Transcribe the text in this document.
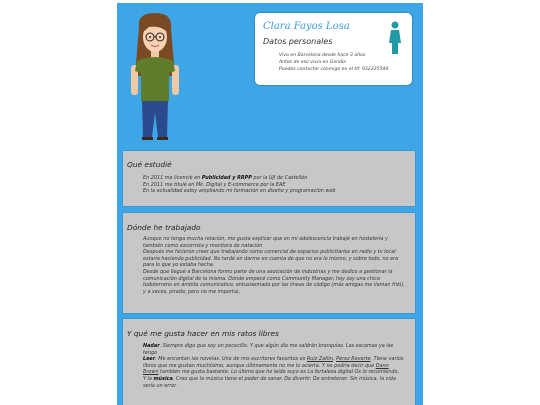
Clara Fayos Losa
Datos personales
Vivo en Barcelona desde hace 3 años
Antes de eso vivía en Gandía
Puedes contactar conmigo en el tlf. 932225544
Qué estudié

En 2011 me licencié en Publicidad y RRPP por la UJI de Castellón

En 2011 me titulé en Mk. Digital y E-commerce por la EAE

En la actualidad estoy ampliando mi formación en diseño y programación web

Dónde he trabajado

Aunque no tenga mucha relación, me gusta explicar que en mi adolescencia trabajé en hostelería y también como socorrista y monitora de natación

Después me hicieron creer que trabajando como comercial de espacios publicitarios en radio y tv local estaría haciendo publicidad. No tardé en darme en cuenta de que no era lo mismo, y sobre todo, no era para lo que yo estaba hecha.

Desde que llegué a Barcelona formo parte de una asociación de industrias y me dedico a gestionar la comunicación digital de la misma. Dónde empecé como Community Manager, hoy soy una chica todoterreno en ámbito comunicativo, entusiasmada por las líneas de código (más amigas me llaman friki), y a veces, pirada; pero no me importa).

Y qué me gusta hacer en mis ratos libres

Nadar. Siempre digo que soy un pececillo. Y que algún día me saldrán branquias. Las escamas ya las tengo

Leer. Me encantan las novelas. Uno de mis escritores favoritos es Ruiz Zafón, Pérez Reverte. Tiene varios libros que me gustan muchísimo, aunque últimamente no me lo acierta. Y no podría decir que Dann Brown también me gusta bastante. Lo último que he leído suyo es La fortaleza digital Os lo recomiendo.

Y la música. Creo que la música tiene el poder de sanar. De divertir. De entretener. Sin música, la vida sería un error
